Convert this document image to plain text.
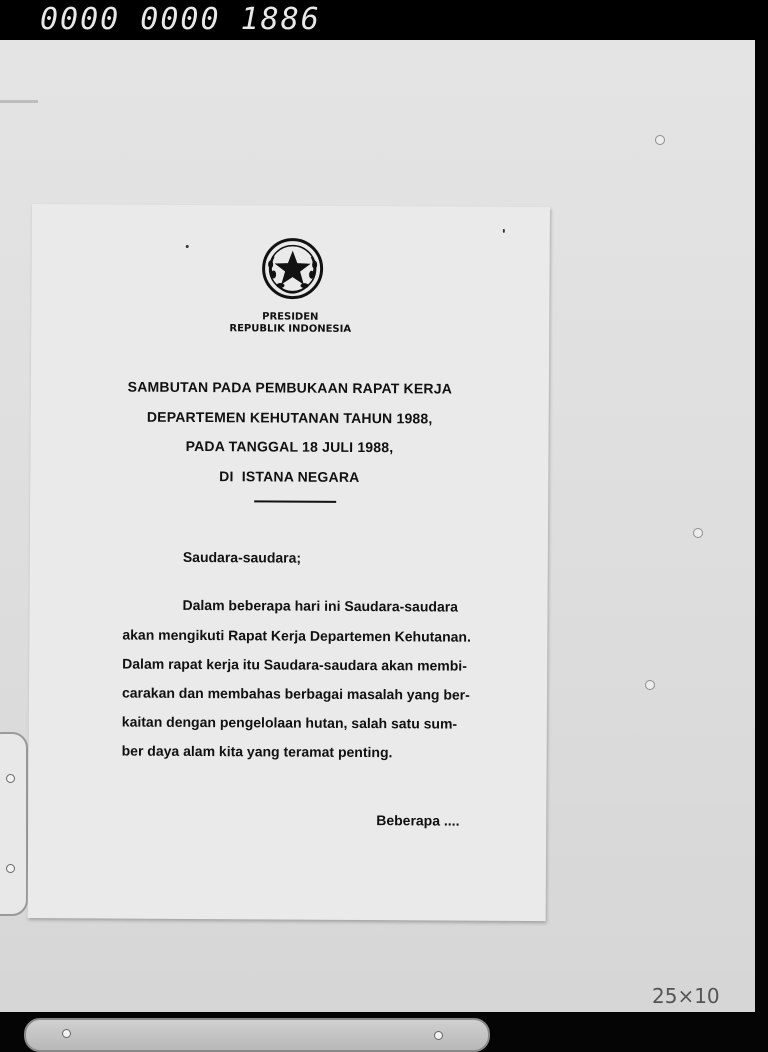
0000 0000 1886
PRESIDEN
REPUBLIK INDONESIA
SAMBUTAN PADA PEMBUKAAN RAPAT KERJA
DEPARTEMEN KEHUTANAN TAHUN 1988,
PADA TANGGAL 18 JULI 1988,
DI  ISTANA NEGARA
Saudara-saudara;
Dalam beberapa hari ini Saudara-saudara
akan mengikuti Rapat Kerja Departemen Kehutanan.
Dalam rapat kerja itu Saudara-saudara akan membi-
carakan dan membahas berbagai masalah yang ber-
kaitan dengan pengelolaan hutan, salah satu sum-
ber daya alam kita yang teramat penting.
Beberapa ....
25×10
